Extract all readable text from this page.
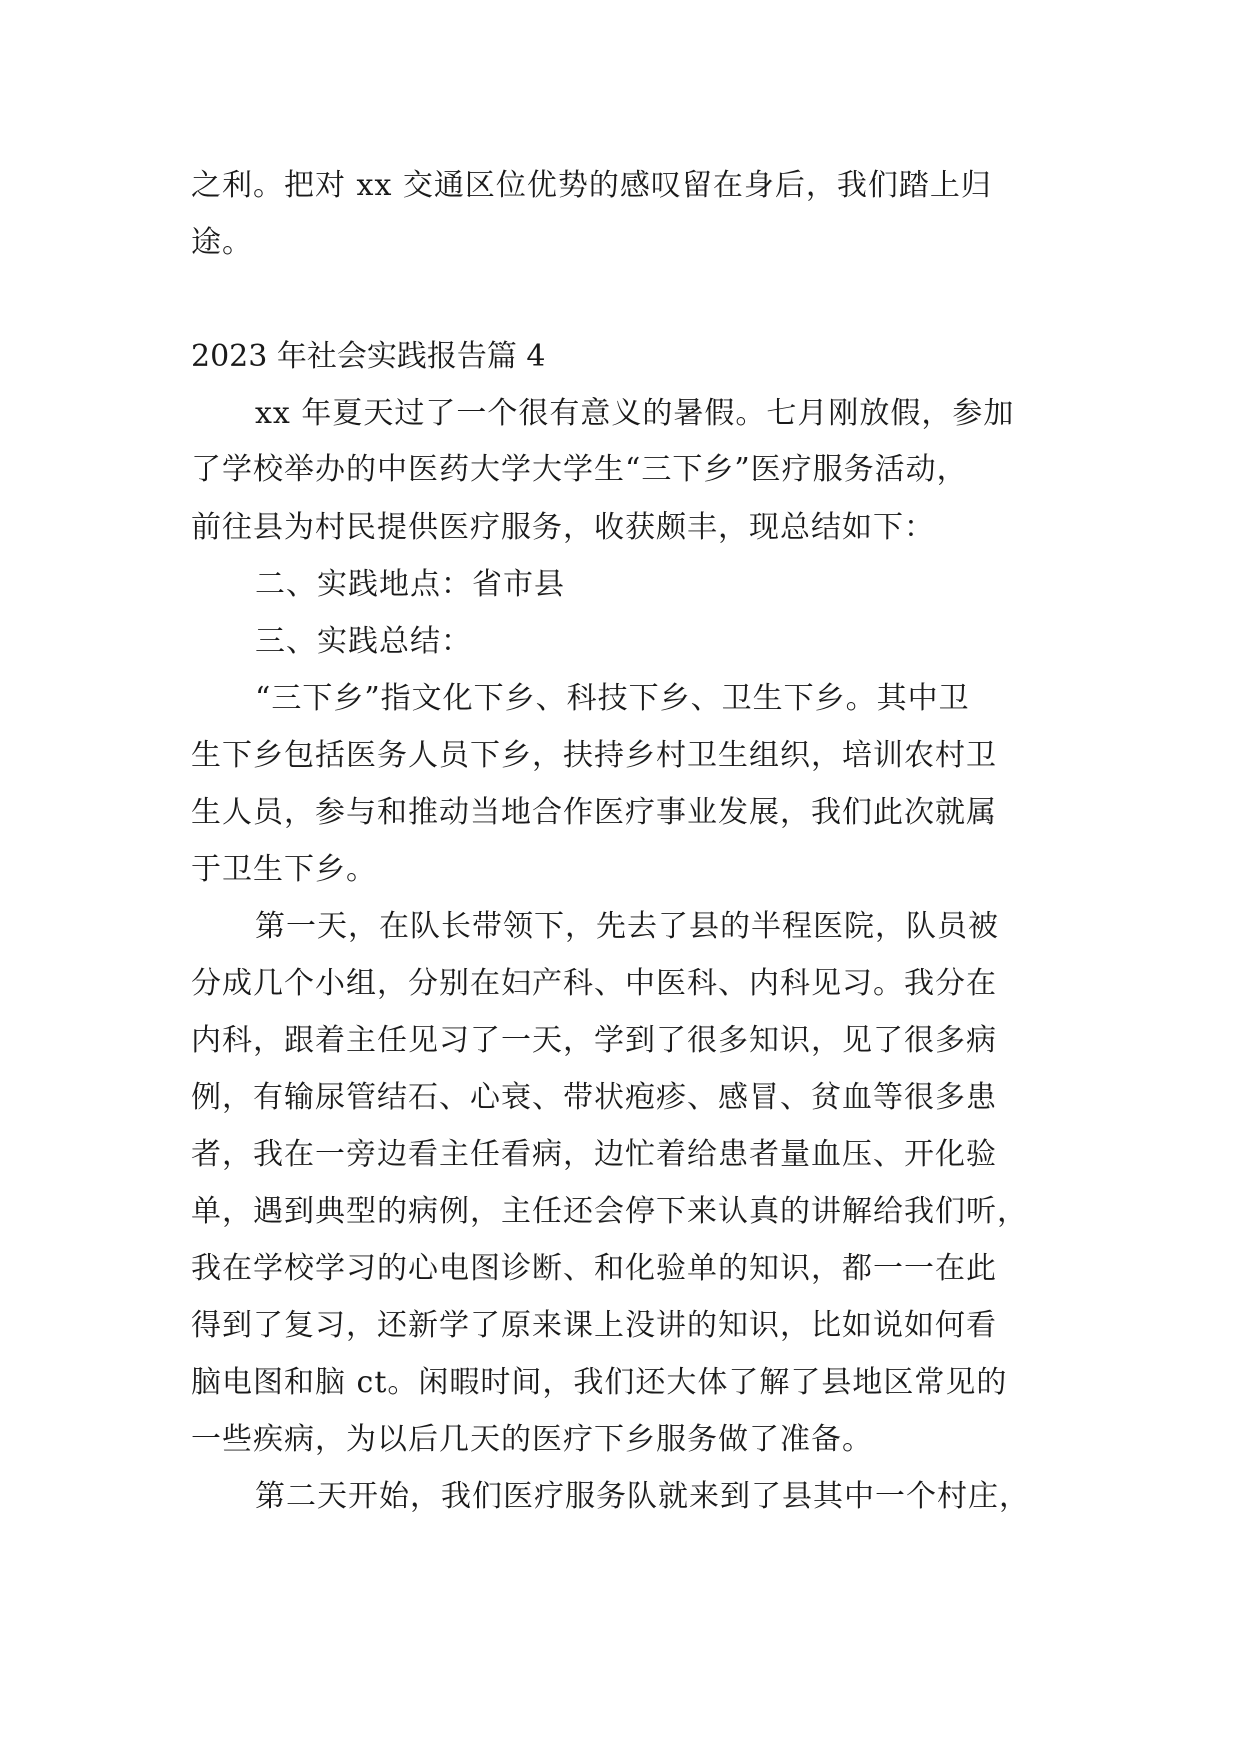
之利。把对 xx 交通区位优势的感叹留在身后，我们踏上归
途。
2023 年社会实践报告篇 4
xx 年夏天过了一个很有意义的暑假。七月刚放假，参加
了学校举办的中医药大学大学生“三下乡”医疗服务活动，
前往县为村民提供医疗服务，收获颇丰，现总结如下：
二、实践地点：省市县
三、实践总结：
“三下乡”指文化下乡、科技下乡、卫生下乡。其中卫
生下乡包括医务人员下乡，扶持乡村卫生组织，培训农村卫
生人员，参与和推动当地合作医疗事业发展，我们此次就属
于卫生下乡。
第一天，在队长带领下，先去了县的半程医院，队员被
分成几个小组，分别在妇产科、中医科、内科见习。我分在
内科，跟着主任见习了一天，学到了很多知识，见了很多病
例，有输尿管结石、心衰、带状疱疹、感冒、贫血等很多患
者，我在一旁边看主任看病，边忙着给患者量血压、开化验
单，遇到典型的病例，主任还会停下来认真的讲解给我们听，
我在学校学习的心电图诊断、和化验单的知识，都一一在此
得到了复习，还新学了原来课上没讲的知识，比如说如何看
脑电图和脑 ct。闲暇时间，我们还大体了解了县地区常见的
一些疾病，为以后几天的医疗下乡服务做了准备。
第二天开始，我们医疗服务队就来到了县其中一个村庄，
